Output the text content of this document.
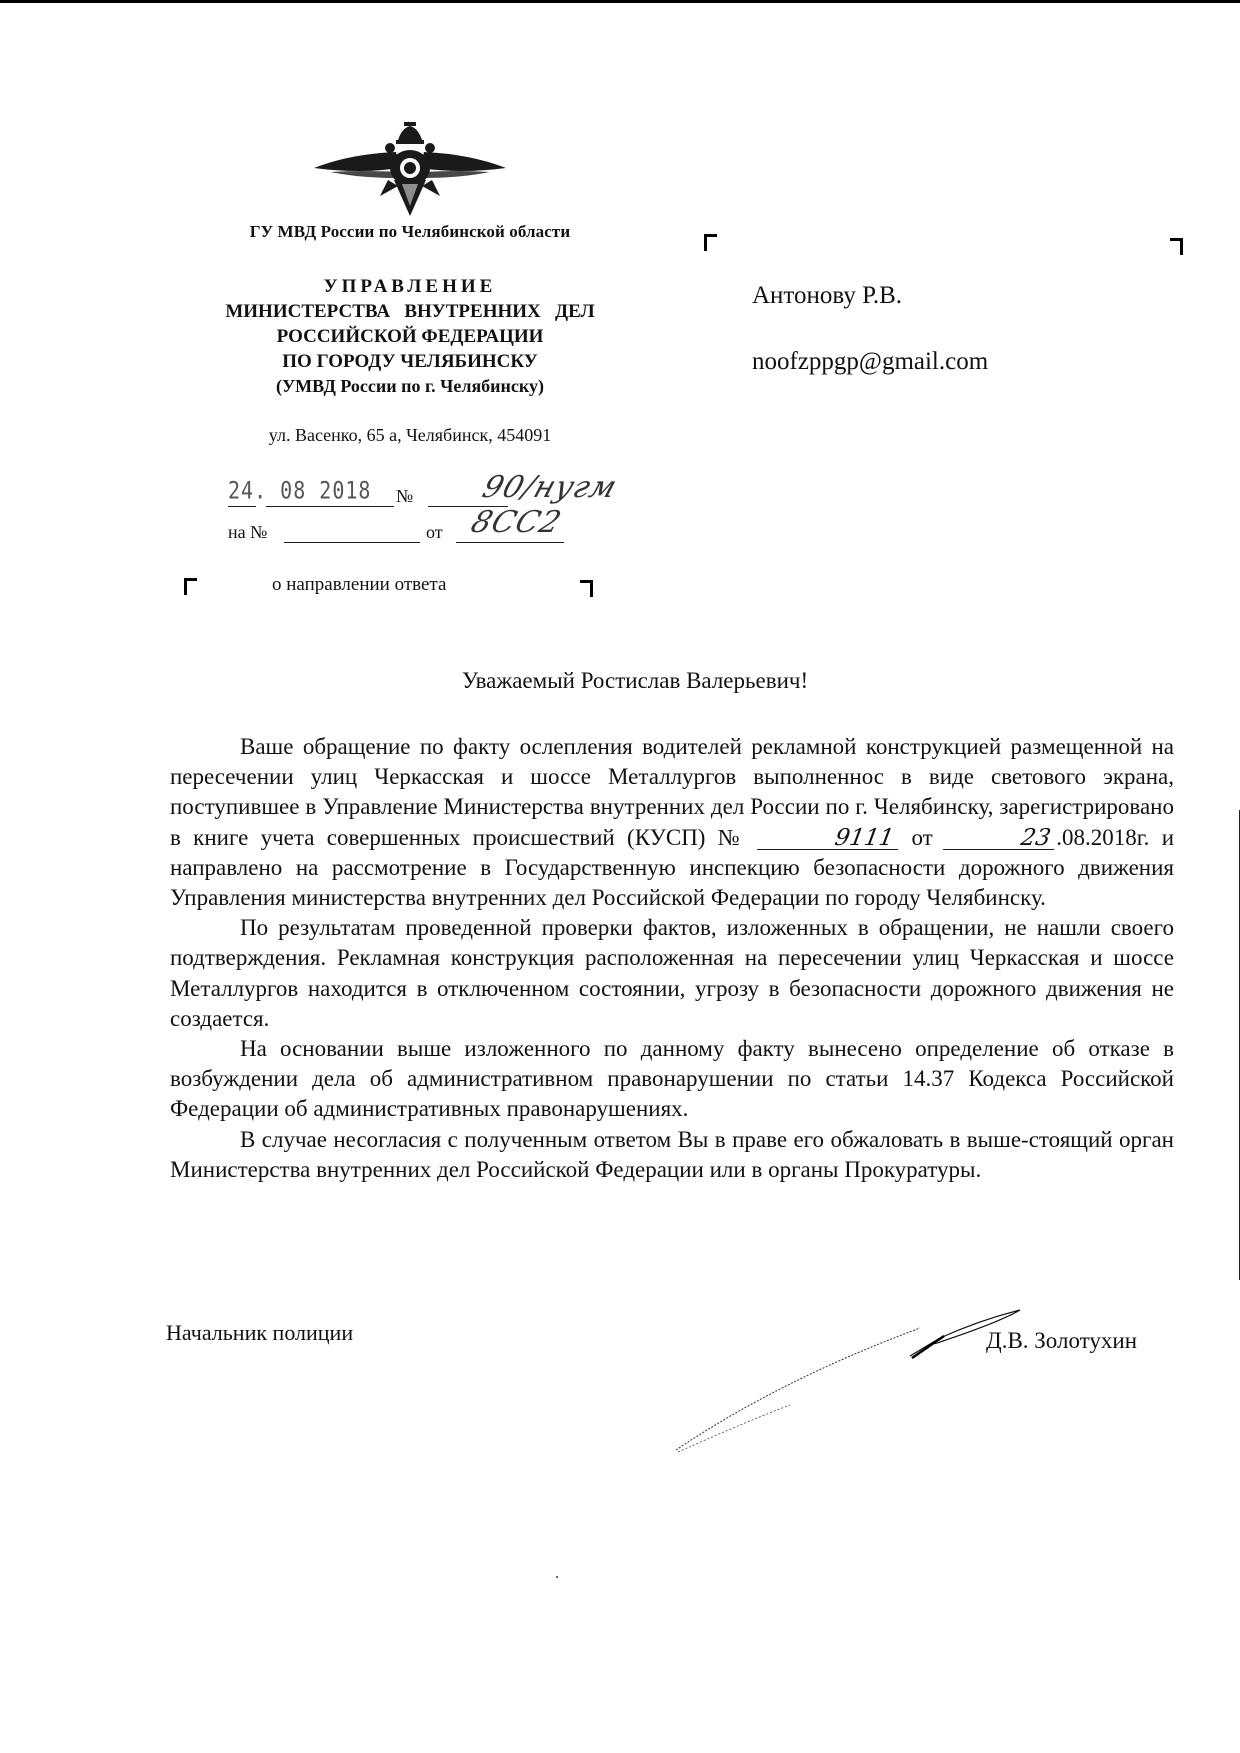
ГУ МВД России по Челябинской области
УПРАВЛЕНИЕ
МИНИСТЕРСТВА   ВНУТРЕННИХ   ДЕЛ
РОССИЙСКОЙ ФЕДЕРАЦИИ
ПО ГОРОДУ ЧЕЛЯБИНСКУ
(УМВД России по г. Челябинску)
ул. Васенко, 65 а, Челябинск, 454091
24. 08 2018 №	90/нугм 8СС2
на №	от
о направлении ответа
Антонову Р.В.
noofzppgp@gmail.com
Уважаемый Ростислав Валерьевич!

Ваше обращение по факту ослепления водителей рекламной конструкцией размещенной на пересечении улиц Черкасская и шоссе Металлургов выполненнос в виде светового экрана, поступившее в Управление Министерства внутренних дел России по г. Челябинску, зарегистрировано в книге учета совершенных происшествий (КУСП) №	9111 от	23 .08.2018г. и направлено на рассмотрение в Государственную инспекцию безопасности дорожного движения Управления министерства внутренних дел Российской Федерации по городу Челябинску.

По результатам проведенной проверки фактов, изложенных в обращении, не нашли своего подтверждения. Рекламная конструкция расположенная на пересечении улиц Черкасская и шоссе Металлургов находится в отключенном состоянии, угрозу в безопасности дорожного движения не создается.

На основании выше изложенного по данному факту вынесено определение об отказе в возбуждении дела об административном правонарушении по статьи 14.37 Кодекса Российской Федерации об административных правонарушениях.

В случае несогласия с полученным ответом Вы в праве его обжаловать в выше-стоящий орган Министерства внутренних дел Российской Федерации или в органы Прокуратуры.

Начальник полиции	Д.В. Золотухин
